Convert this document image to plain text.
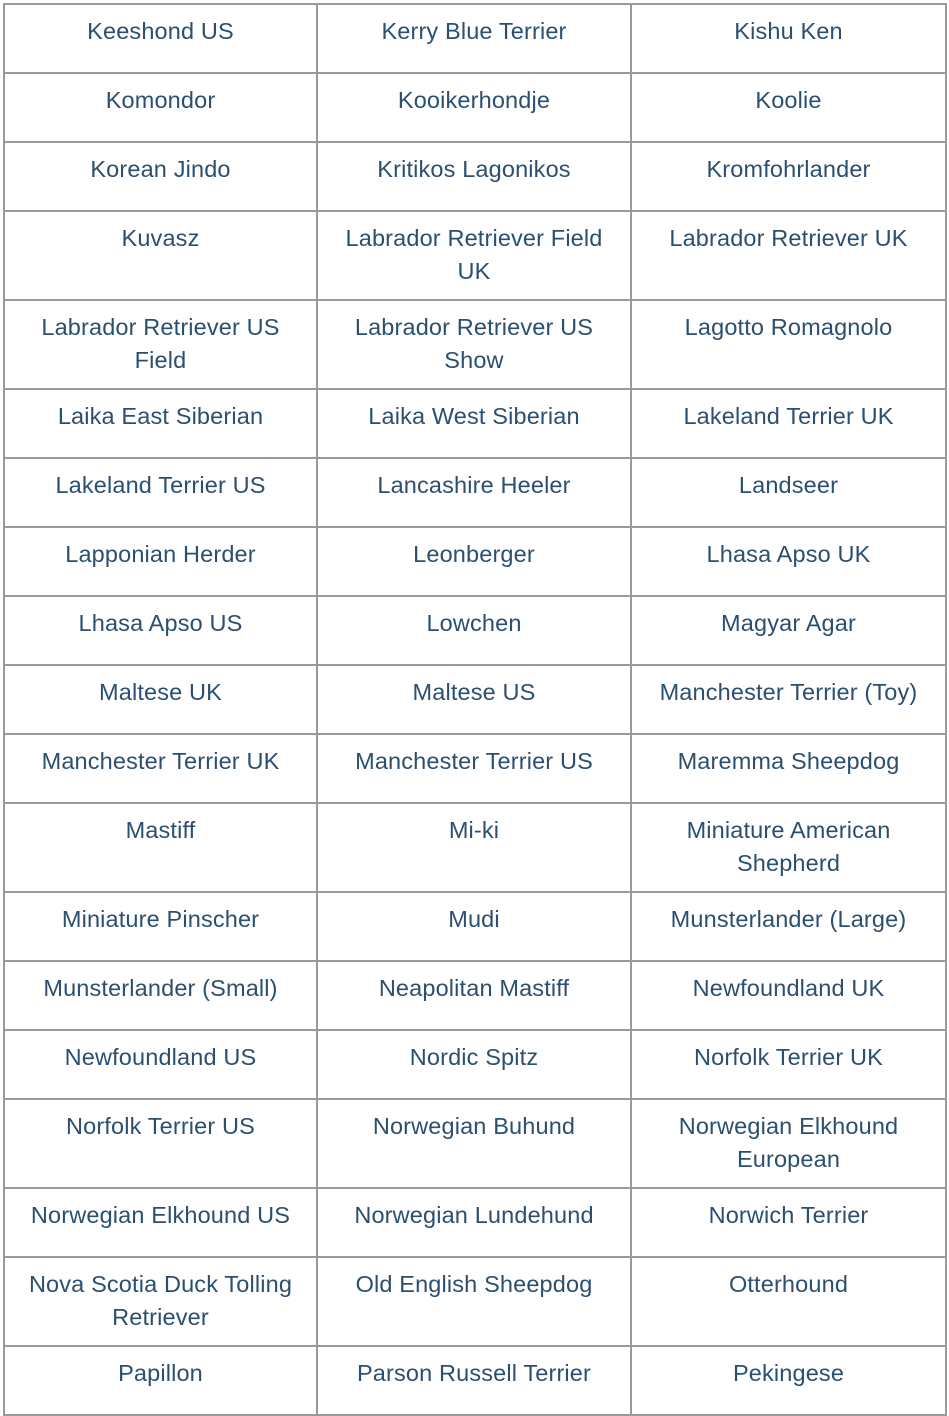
Keeshond US	Kerry Blue Terrier	Kishu Ken
Komondor	Kooikerhondje	Koolie
Korean Jindo	Kritikos Lagonikos	Kromfohrlander
Kuvasz	Labrador Retriever Field UK	Labrador Retriever UK
Labrador Retriever US Field	Labrador Retriever US Show	Lagotto Romagnolo
Laika East Siberian	Laika West Siberian	Lakeland Terrier UK
Lakeland Terrier US	Lancashire Heeler	Landseer
Lapponian Herder	Leonberger	Lhasa Apso UK
Lhasa Apso US	Lowchen	Magyar Agar
Maltese UK	Maltese US	Manchester Terrier (Toy)
Manchester Terrier UK	Manchester Terrier US	Maremma Sheepdog
Mastiff	Mi-ki	Miniature American Shepherd
Miniature Pinscher	Mudi	Munsterlander (Large)
Munsterlander (Small)	Neapolitan Mastiff	Newfoundland UK
Newfoundland US	Nordic Spitz	Norfolk Terrier UK
Norfolk Terrier US	Norwegian Buhund	Norwegian Elkhound European
Norwegian Elkhound US	Norwegian Lundehund	Norwich Terrier
Nova Scotia Duck Tolling Retriever	Old English Sheepdog	Otterhound
Papillon	Parson Russell Terrier	Pekingese
